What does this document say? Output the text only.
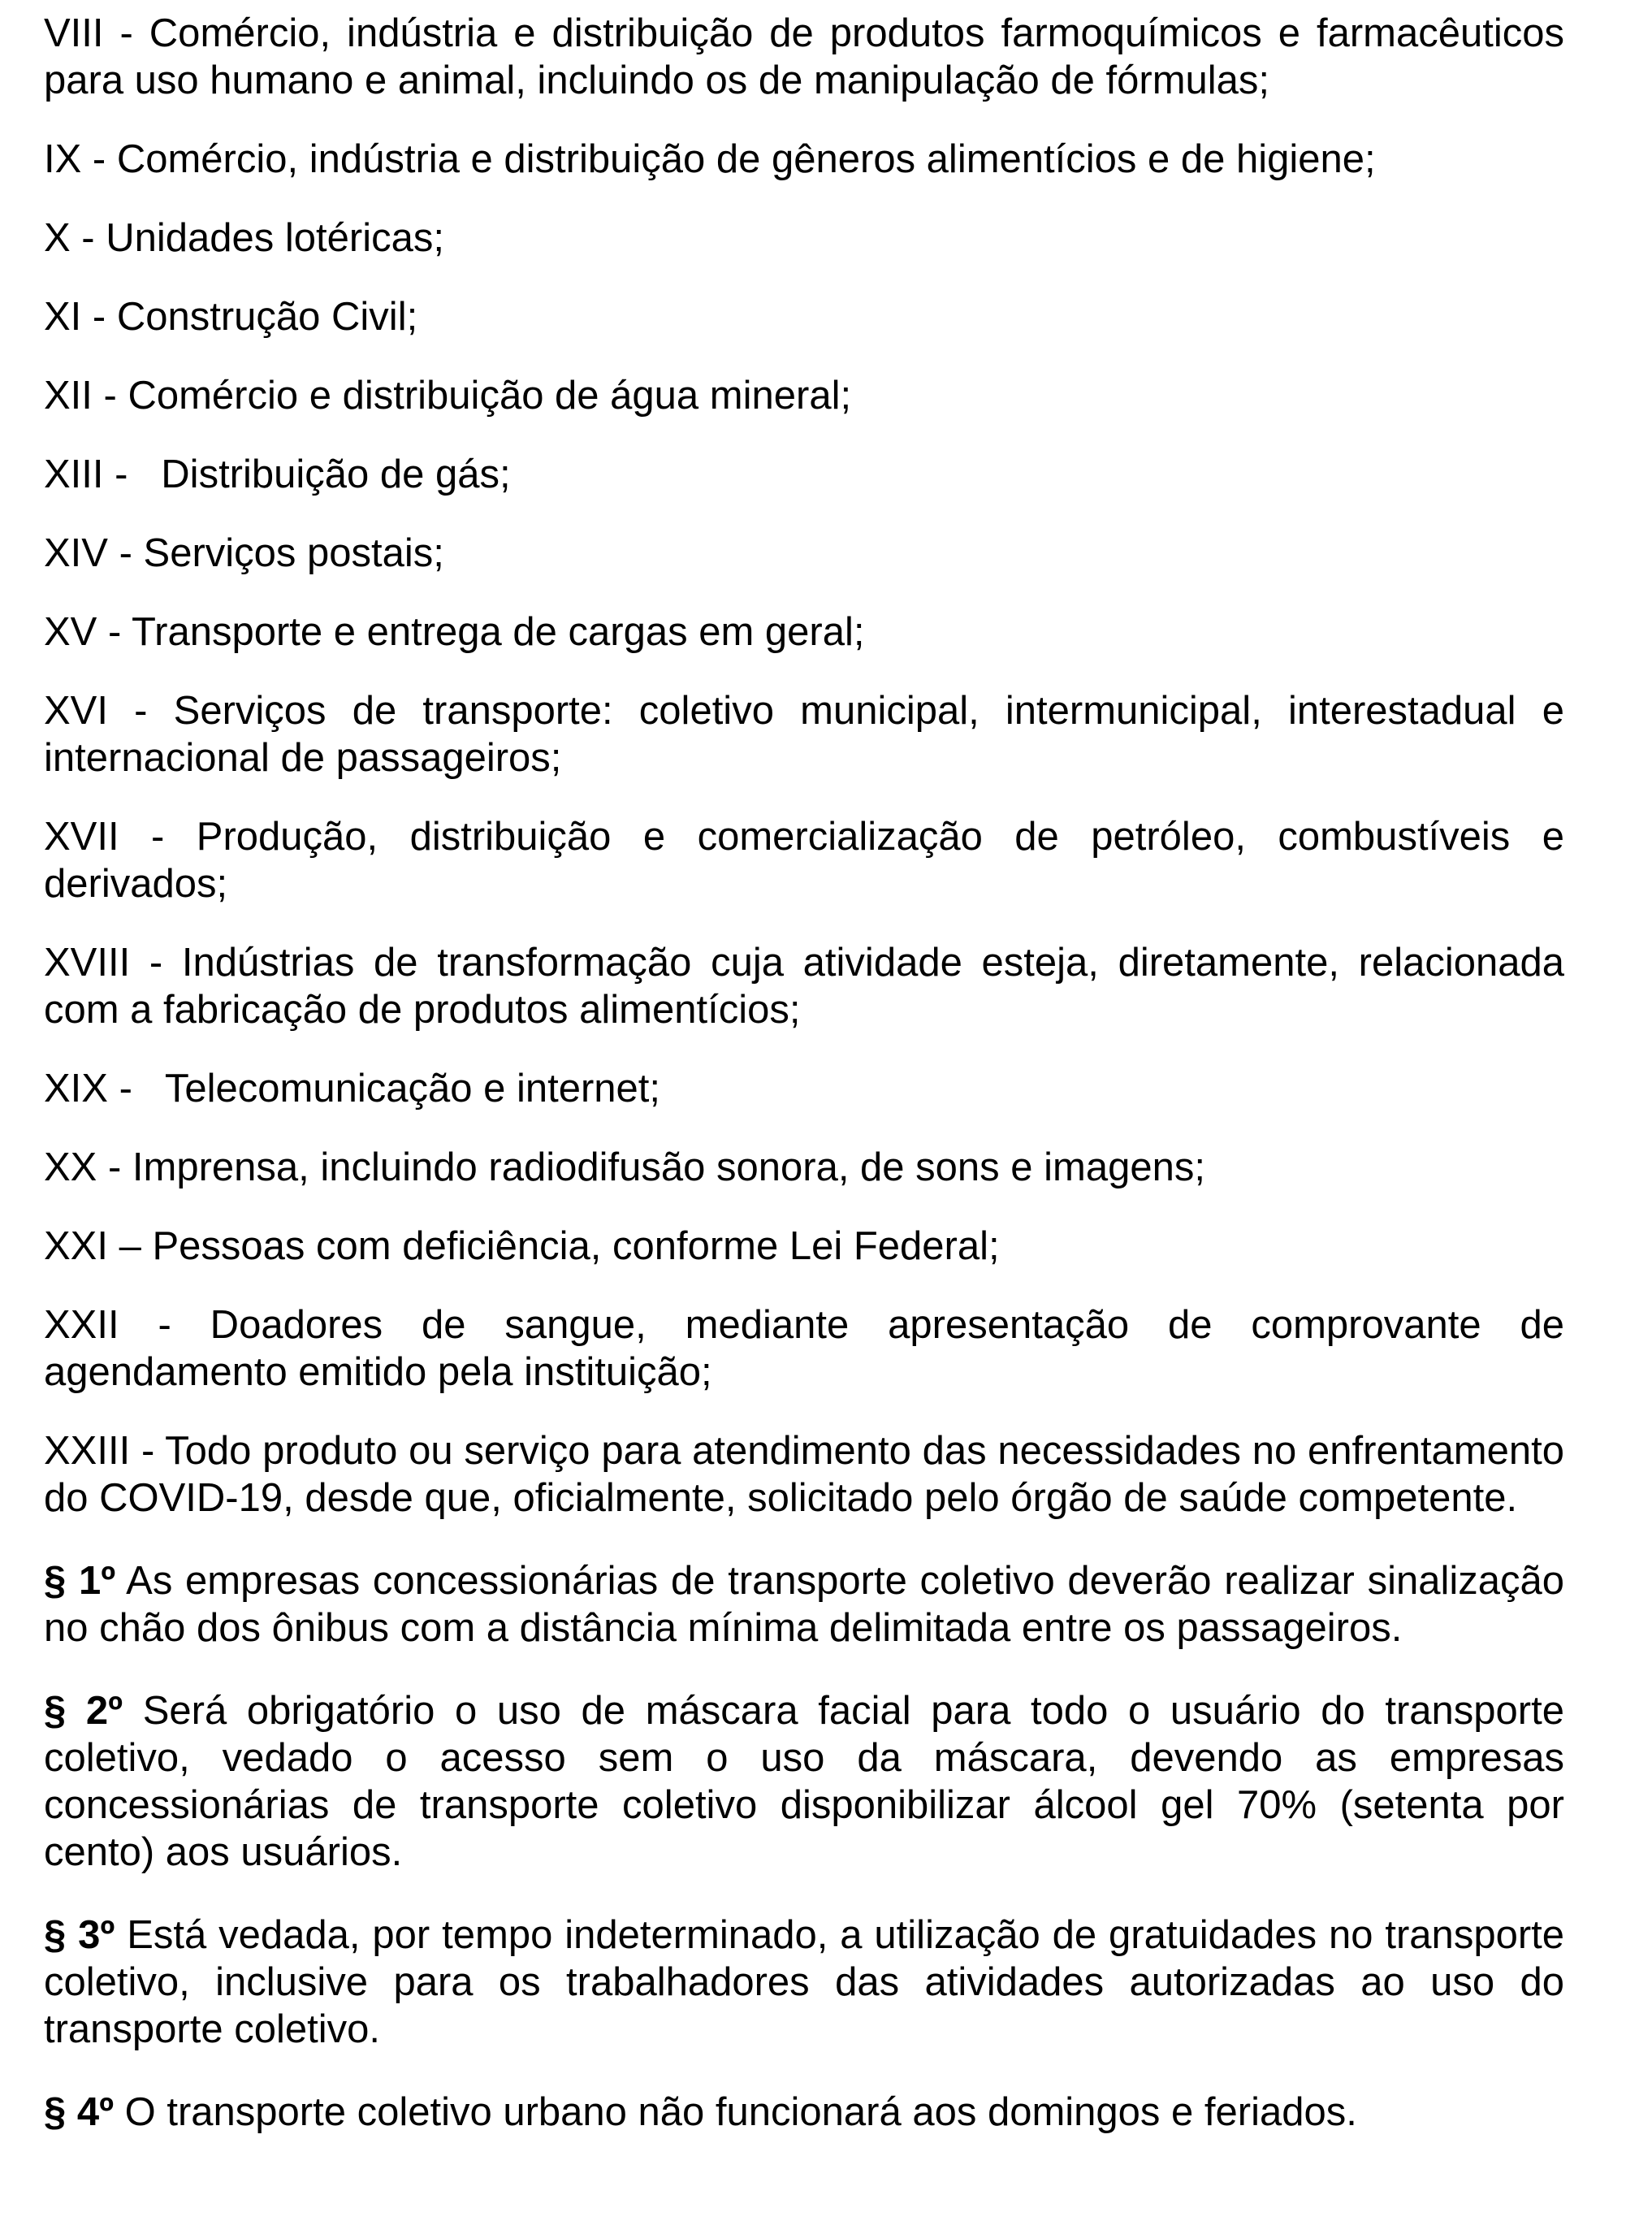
VIII - Comércio, indústria e distribuição de produtos farmoquímicos e farmacêuticos para uso humano e animal, incluindo os de manipulação de fórmulas;

IX - Comércio, indústria e distribuição de gêneros alimentícios e de higiene;

X - Unidades lotéricas;

XI - Construção Civil;

XII - Comércio e distribuição de água mineral;

XIII -   Distribuição de gás;

XIV - Serviços postais;

XV - Transporte e entrega de cargas em geral;

XVI - Serviços de transporte: coletivo municipal, intermunicipal, interestadual e internacional de passageiros;

XVII - Produção, distribuição e comercialização de petróleo, combustíveis e derivados;

XVIII - Indústrias de transformação cuja atividade esteja, diretamente, relacionada com a fabricação de produtos alimentícios;

XIX -   Telecomunicação e internet;

XX - Imprensa, incluindo radiodifusão sonora, de sons e imagens;

XXI – Pessoas com deficiência, conforme Lei Federal;

XXII - Doadores de sangue, mediante apresentação de comprovante de agendamento emitido pela instituição;

XXIII - Todo produto ou serviço para atendimento das necessidades no enfrentamento do COVID-19, desde que, oficialmente, solicitado pelo órgão de saúde competente.

§ 1º As empresas concessionárias de transporte coletivo deverão realizar sinalização no chão dos ônibus com a distância mínima delimitada entre os passageiros.

§ 2º Será obrigatório o uso de máscara facial para todo o usuário do transporte coletivo, vedado o acesso sem o uso da máscara, devendo as empresas concessionárias de transporte coletivo disponibilizar álcool gel 70% (setenta por cento) aos usuários.

§ 3º Está vedada, por tempo indeterminado, a utilização de gratuidades no transporte coletivo, inclusive para os trabalhadores das atividades autorizadas ao uso do transporte coletivo.

§ 4º O transporte coletivo urbano não funcionará aos domingos e feriados.
